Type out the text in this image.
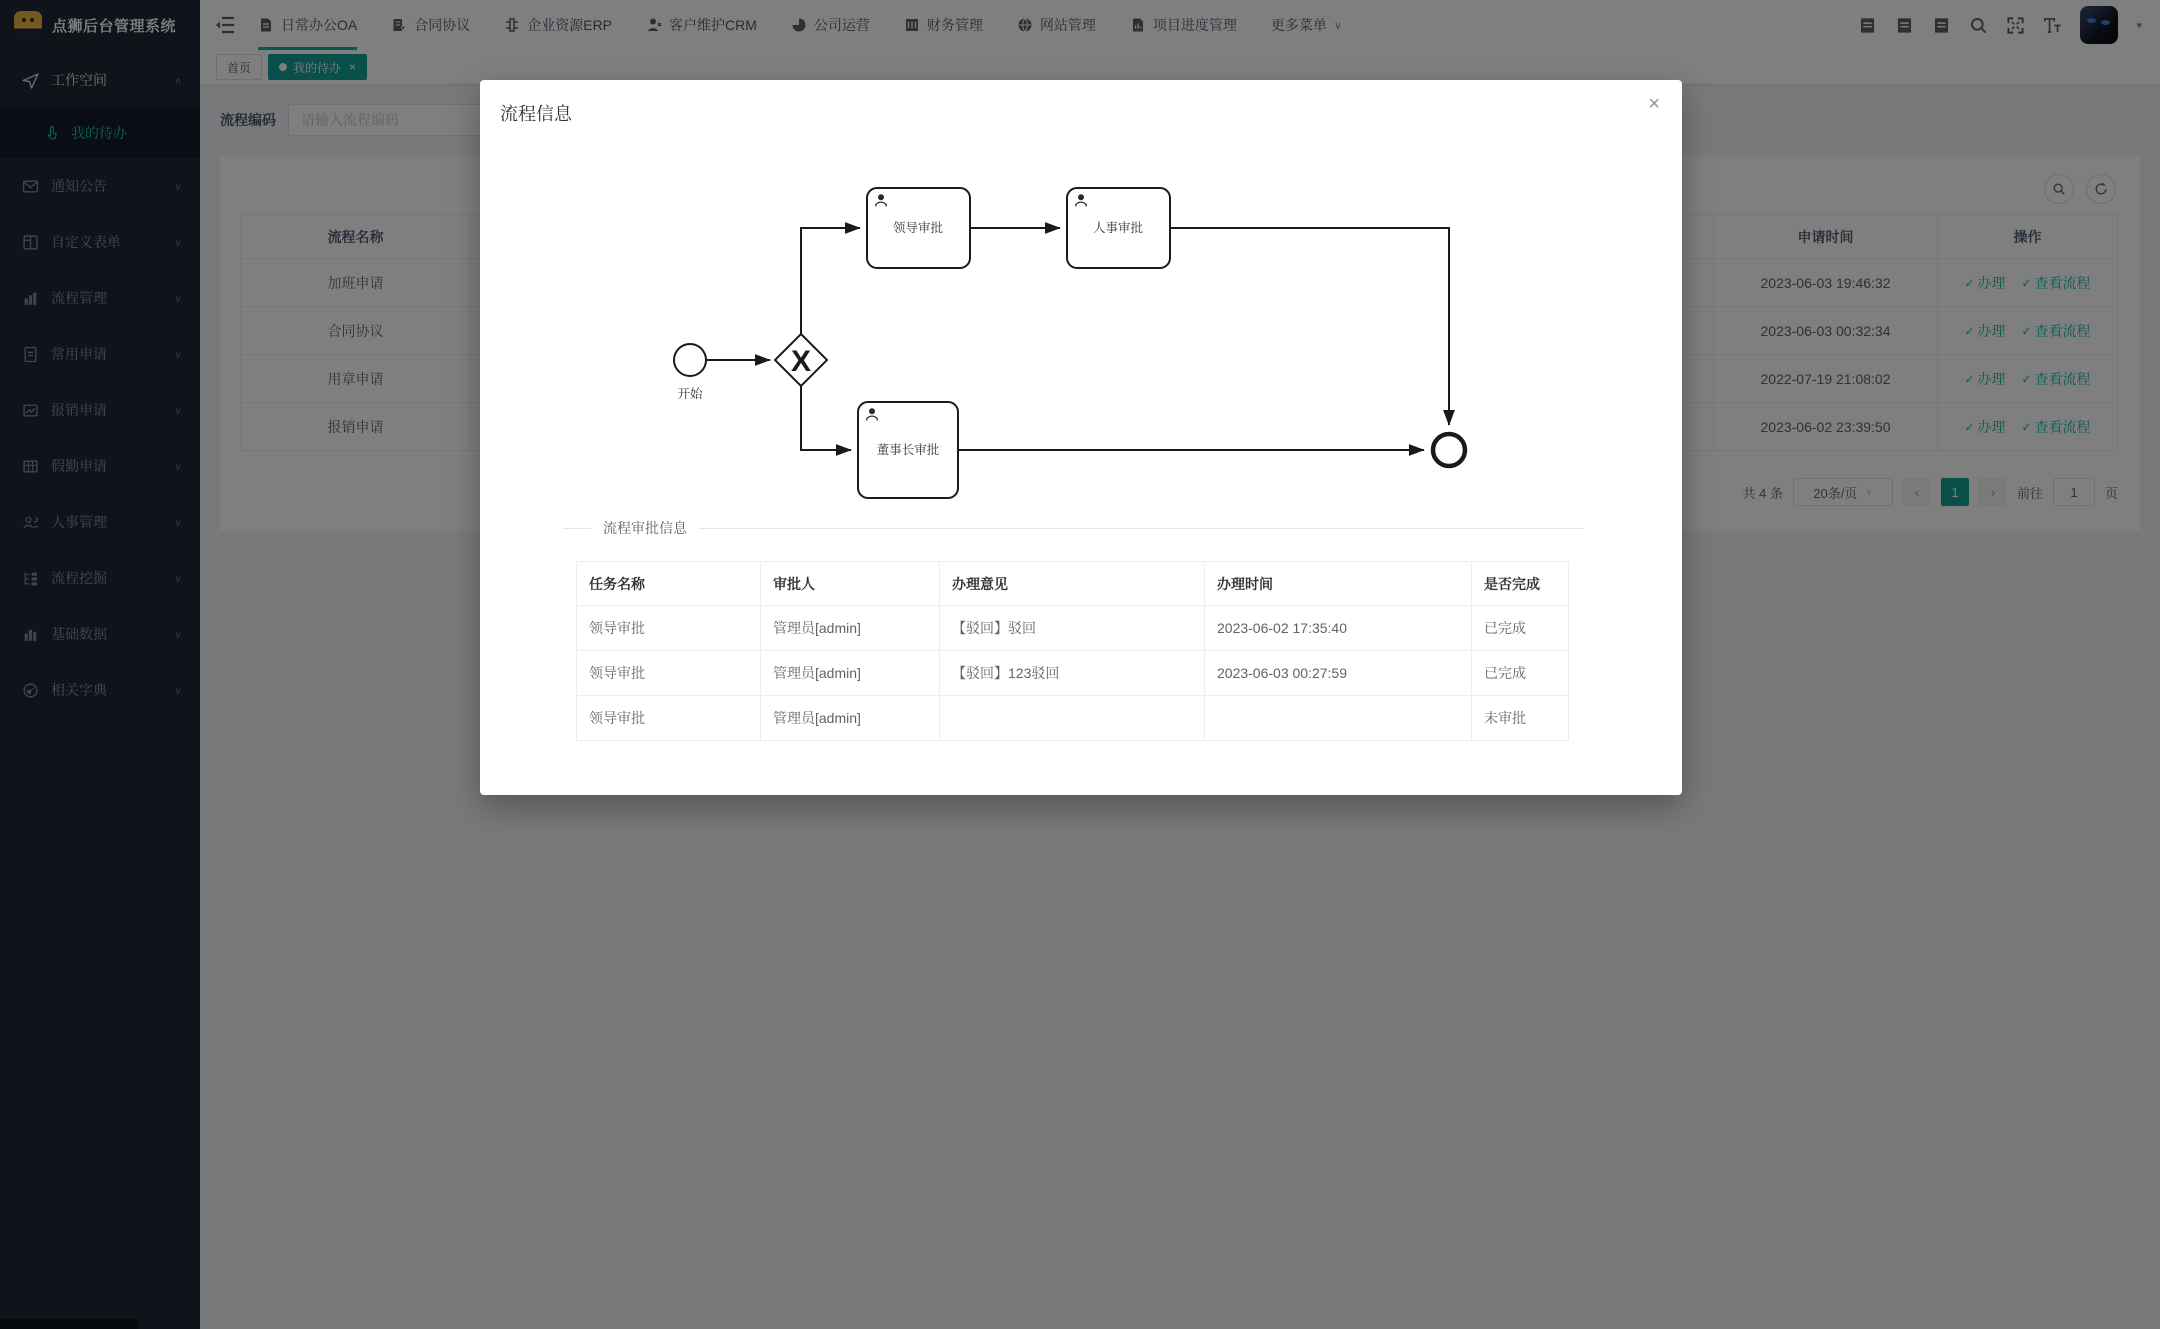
请输入流程编码

1
流程信息	×
开始
X
领导审批	人事审批
董事长审批
流程审批信息
任务名称	审批人	办理意见	办理时间	是否完成
领导审批	管理员[admin]	【驳回】驳回	2023-06-02 17:35:40	已完成
领导审批	管理员[admin]	【驳回】123驳回	2023-06-03 00:27:59	已完成
领导审批	管理员[admin]			未审批
